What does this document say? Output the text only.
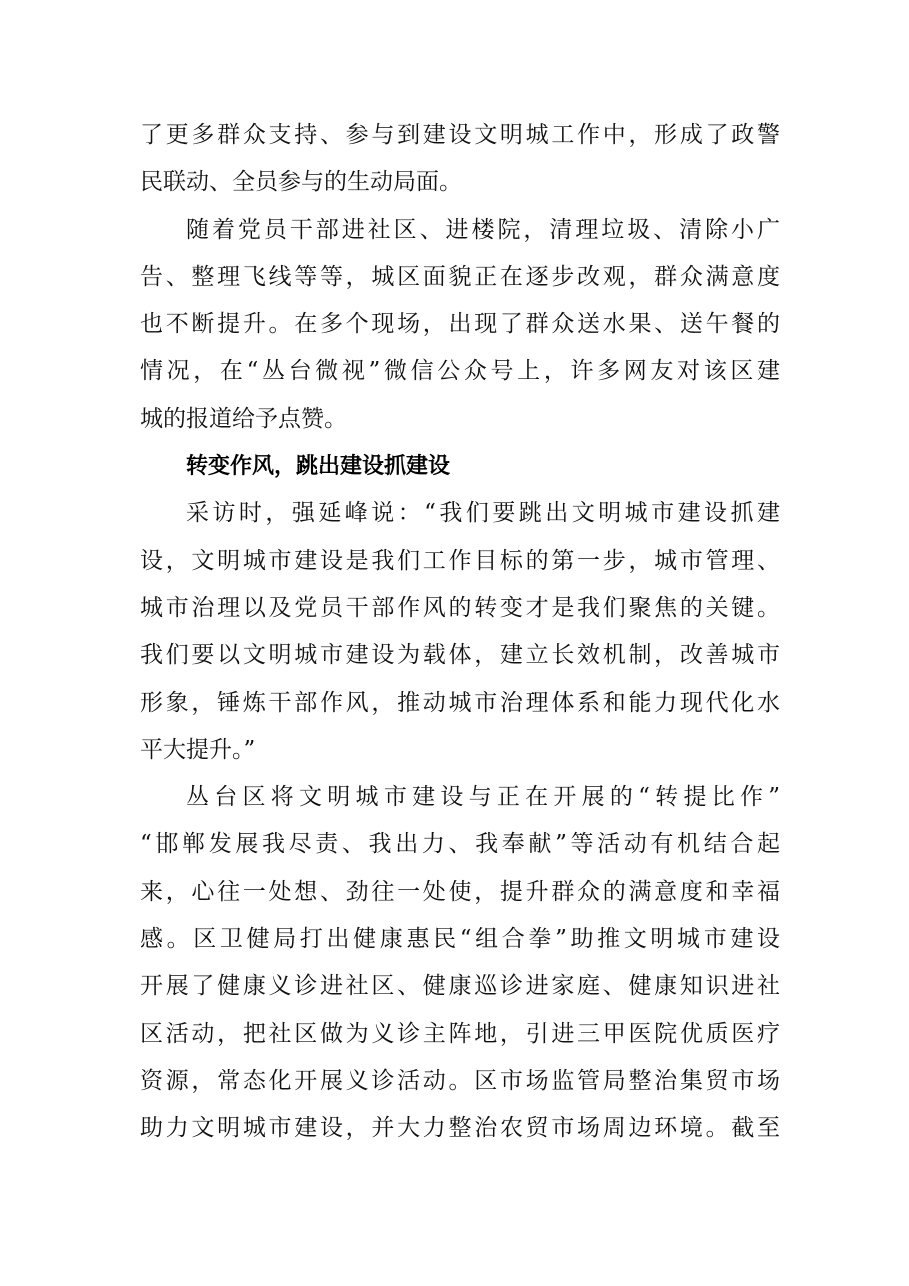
了更多群众支持、参与到建设文明城工作中，形成了政警
民联动、全员参与的生动局面。
随着党员干部进社区、进楼院，清理垃圾、清除小广
告、整理飞线等等，城区面貌正在逐步改观，群众满意度
也不断提升。在多个现场，出现了群众送水果、送午餐的
情况，在“丛台微视”微信公众号上，许多网友对该区建
城的报道给予点赞。
转变作风，跳出建设抓建设
采访时，强延峰说：“我们要跳出文明城市建设抓建
设，文明城市建设是我们工作目标的第一步，城市管理、
城市治理以及党员干部作风的转变才是我们聚焦的关键。
我们要以文明城市建设为载体，建立长效机制，改善城市
形象，锤炼干部作风，推动城市治理体系和能力现代化水
平大提升。”
丛台区将文明城市建设与正在开展的“转提比作”
“邯郸发展我尽责、我出力、我奉献”等活动有机结合起
来，心往一处想、劲往一处使，提升群众的满意度和幸福
感。区卫健局打出健康惠民“组合拳”助推文明城市建设
开展了健康义诊进社区、健康巡诊进家庭、健康知识进社
区活动，把社区做为义诊主阵地，引进三甲医院优质医疗
资源，常态化开展义诊活动。区市场监管局整治集贸市场
助力文明城市建设，并大力整治农贸市场周边环境。截至
